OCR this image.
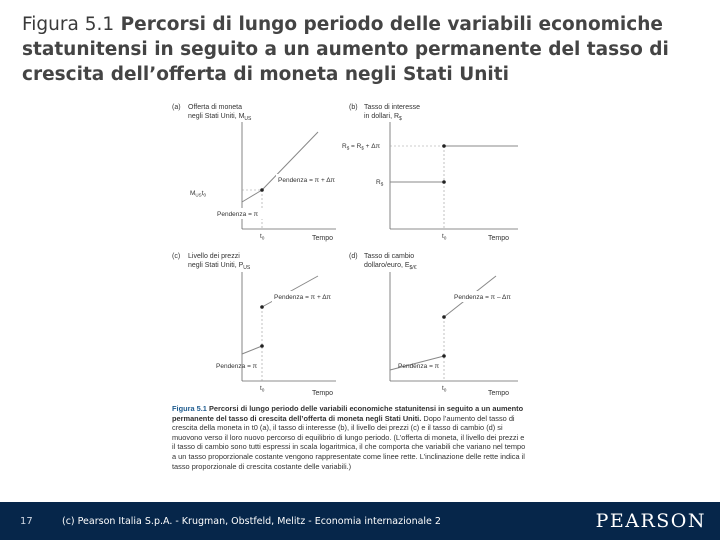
Figura 5.1 Percorsi di lungo periodo delle variabili economiche statunitensi in seguito a un aumento permanente del tasso di crescita dell’offerta di moneta negli Stati Uniti
(a) Offerta di moneta
negli Stati Uniti, $M_{US}$
$M_{US}t_0$
Pendenza = π + Δπ
Pendenza = π
$t_0$	Tempo
(b) Tasso di interesse
in dollari, $R_{\$}$
$R_{\$} = R_{\$} + \Delta\pi$
$R_{\$}$
$t_0$	Tempo
(c) Livello dei prezzi
negli Stati Uniti, $P_{US}$
Pendenza = π + Δπ
Pendenza = π
$t_0$	Tempo
(d) Tasso di cambio
dollaro/euro, $E_{\$/€}$
Pendenza = π – Δπ
Pendenza = π
$t_0$	Tempo
Figura 5.1 Percorsi di lungo periodo delle variabili economiche statunitensi in seguito a un aumento permanente del tasso di crescita dell’offerta di moneta negli Stati Uniti. Dopo l’aumento del tasso di crescita della moneta in t0 (a), il tasso di interesse (b), il livello dei prezzi (c) e il tasso di cambio (d) si muovono verso il loro nuovo percorso di equilibrio di lungo periodo. (L’offerta di moneta, il livello dei prezzi e il tasso di cambio sono tutti espressi in scala logaritmica, il che comporta che variabili che variano nel tempo a un tasso proporzionale costante vengono rappresentate come linee rette. L’inclinazione delle rette indica il tasso proporzionale di crescita costante delle variabili.)
17	(c) Pearson Italia S.p.A. - Krugman, Obstfeld, Melitz - Economia internazionale 2	PEARSON
